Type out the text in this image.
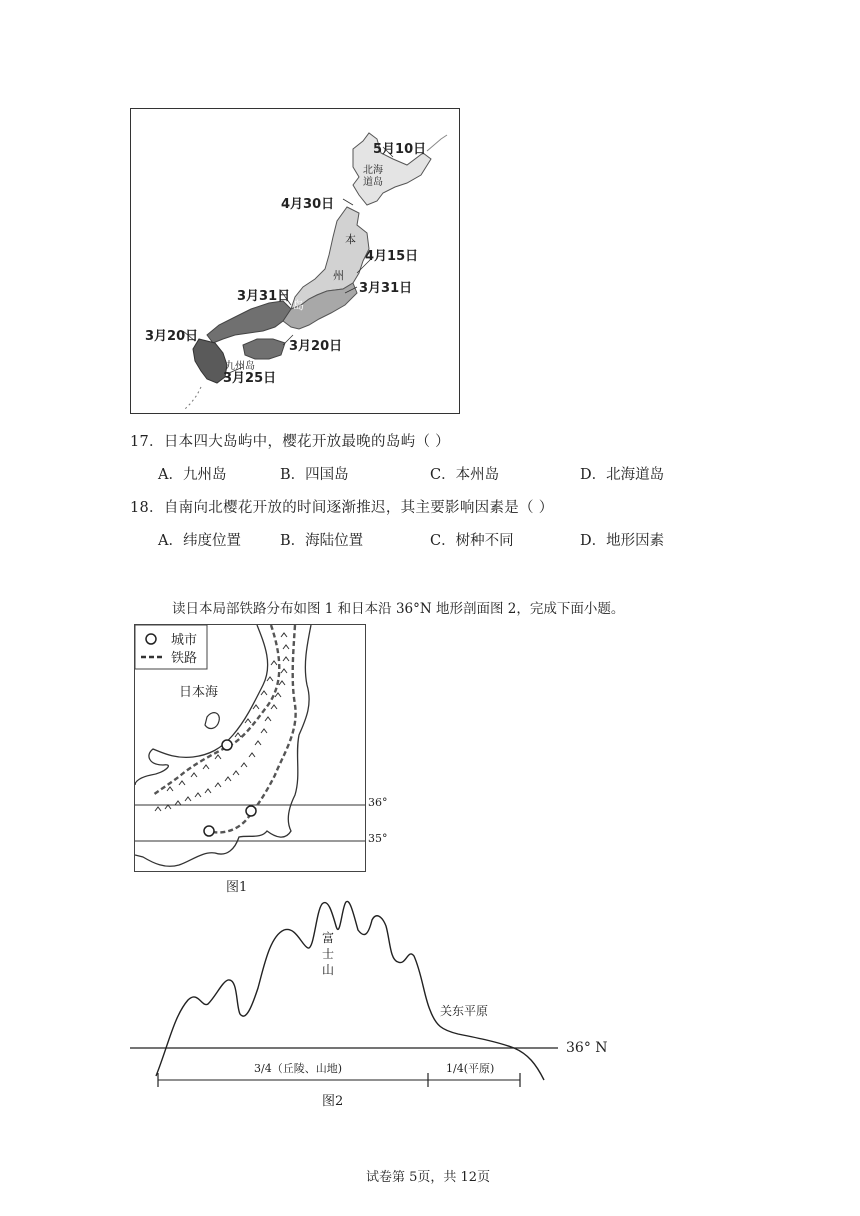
5月10日
北海
道岛
4月30日
本
4月15日
州
3月31日
3月31日
岛
3月20日
3月20日
九州岛
3月25日
17．日本四大岛屿中，樱花开放最晚的岛屿（ ）
A．九州岛	B．四国岛	C．本州岛	D．北海道岛
18．自南向北樱花开放的时间逐渐推迟，其主要影响因素是（ ）
A．纬度位置	B．海陆位置	C．树种不同	D．地形因素
读日本局部铁路分布如图 1 和日本沿 36°N 地形剖面图 2，完成下面小题。
城市
铁路
日本海
36°
35°
图1
富
士
山
关东平原
36° N
3/4（丘陵、山地)	1/4(平原)
图2
试卷第 5页，共 12页
